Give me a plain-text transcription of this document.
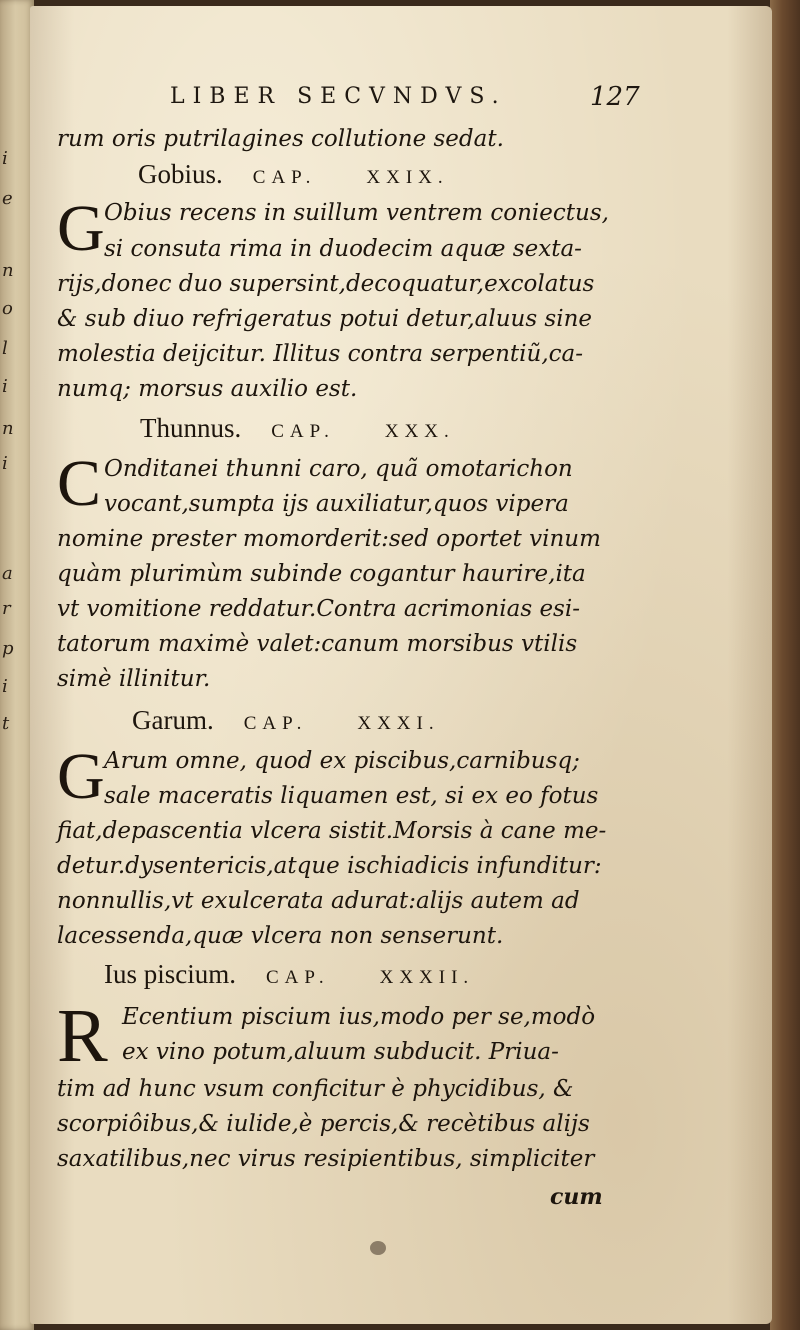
i
e
n
o
l
i
n
i
a
r
p
i
t
LIBER SECVNDVS.	127
rum oris putrilagines collutione sedat.
Gobius. CAP.	XXIX.
G Obius recens in suillum ventrem coniectus,
si consuta rima in duodecim aquæ sexta-
rijs,donec duo supersint,decoquatur,excolatus
& sub diuo refrigeratus potui detur,aluus sine
molestia deijcitur. Illitus contra serpentiũ,ca-
numq; morsus auxilio est.
Thunnus. CAP.	XXX.
C Onditanei thunni caro, quã omotarichon
vocant,sumpta ijs auxiliatur,quos vipera
nomine prester momorderit:sed oportet vinum
quàm plurimùm subinde cogantur haurire,ita
vt vomitione reddatur.Contra acrimonias esi-
tatorum maximè valet:canum morsibus vtilis
simè illinitur.
Garum. CAP.	XXXI.
G Arum omne, quod ex piscibus,carnibusq;
sale maceratis liquamen est, si ex eo fotus
fiat,depascentia vlcera sistit.Morsis à cane me-
detur.dysentericis,atque ischiadicis infunditur:
nonnullis,vt exulcerata adurat:alijs autem ad
lacessenda,quæ vlcera non senserunt.
Ius piscium. CAP.	XXXII.
R Ecentium piscium ius,modo per se,modò
ex vino potum,aluum subducit. Priua-
tim ad hunc vsum conficitur è phycidibus, &
scorpiôibus,& iulide,è percis,& recètibus alijs
saxatilibus,nec virus resipientibus, simpliciter
cum
